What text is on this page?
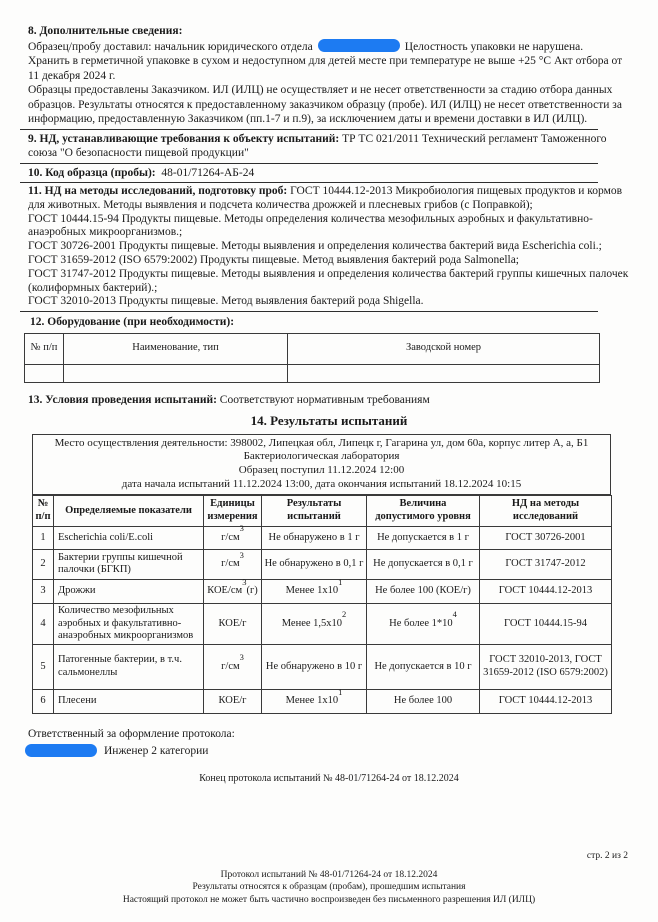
8. Дополнительные сведения:
Образец/пробу доставил: начальник юридического отдела	Целостность упаковки не нарушена.
Хранить в герметичной упаковке в сухом и недоступном для детей месте при температуре не выше +25 °С Акт отбора от 11 декабря 2024 г.
Образцы предоставлены Заказчиком. ИЛ (ИЛЦ) не осуществляет и не несет ответственности за стадию отбора данных образцов. Результаты относятся к предоставленному заказчиком образцу (пробе). ИЛ (ИЛЦ) не несет ответственности за информацию, предоставленную Заказчиком (пп.1-7 и п.9), за исключением даты и времени доставки в ИЛ (ИЛЦ).
9. НД, устанавливающие требования к объекту испытаний: ТР ТС 021/2011 Технический регламент Таможенного союза "О безопасности пищевой продукции"
10. Код образца (пробы): 48-01/71264-АБ-24
11. НД на методы исследований, подготовку проб: ГОСТ 10444.12-2013 Микробиология пищевых продуктов и кормов для животных. Методы выявления и подсчета количества дрожжей и плесневых грибов (с Поправкой);
ГОСТ 10444.15-94 Продукты пищевые. Методы определения количества мезофильных аэробных и факультативно-анаэробных микроорганизмов.;
ГОСТ 30726-2001 Продукты пищевые. Методы выявления и определения количества бактерий вида Escherichia coli.;
ГОСТ 31659-2012 (ISO 6579:2002) Продукты пищевые. Метод выявления бактерий рода Salmonella;
ГОСТ 31747-2012 Продукты пищевые. Методы выявления и определения количества бактерий группы кишечных палочек (колиформных бактерий).;
ГОСТ 32010-2013 Продукты пищевые. Метод выявления бактерий рода Shigella.
12. Оборудование (при необходимости):
№ п/п	Наименование, тип	Заводской номер

13. Условия проведения испытаний: Соответствуют нормативным требованиям
14. Результаты испытаний
Место осуществления деятельности: 398002, Липецкая обл, Липецк г, Гагарина ул, дом 60а, корпус литер А, а, Б1
Бактериологическая лаборатория
Образец поступил 11.12.2024 12:00
дата начала испытаний 11.12.2024 13:00, дата окончания испытаний 18.12.2024 10:15
№ п/п	Определяемые показатели	Единицы измерения	Результаты испытаний	Величина допустимого уровня	НД на методы исследований
1	Escherichia coli/E.coli	$г/см^3$	Не обнаружено в 1 г	Не допускается в 1 г	ГОСТ 30726-2001
2	Бактерии группы кишечной палочки (БГКП)	$г/см^3$	Не обнаружено в 0,1 г	Не допускается в 0,1 г	ГОСТ 31747-2012
3	Дрожжи	КОЕ/$см^3(г)$	Менее $1x10^1$	Не более 100 (КОЕ/г)	ГОСТ 10444.12-2013
4	Количество мезофильных аэробных и факультативно-анаэробных микроорганизмов	КОЕ/г	Менее $1,5x10^2$	Не более $1*10^4$	ГОСТ 10444.15-94
5	Патогенные бактерии, в т.ч. сальмонеллы	$г/см^3$	Не обнаружено в 10 г	Не допускается в 10 г	ГОСТ 32010-2013, ГОСТ 31659-2012 (ISO 6579:2002)
6	Плесени	КОЕ/г	Менее $1x10^1$	Не более 100	ГОСТ 10444.12-2013
Ответственный за оформление протокола:
Инженер 2 категории
Конец протокола испытаний № 48-01/71264-24 от 18.12.2024
стр. 2 из 2
Протокол испытаний № 48-01/71264-24 от 18.12.2024
Результаты относятся к образцам (пробам), прошедшим испытания
Настоящий протокол не может быть частично воспроизведен без письменного разрешения ИЛ (ИЛЦ)
